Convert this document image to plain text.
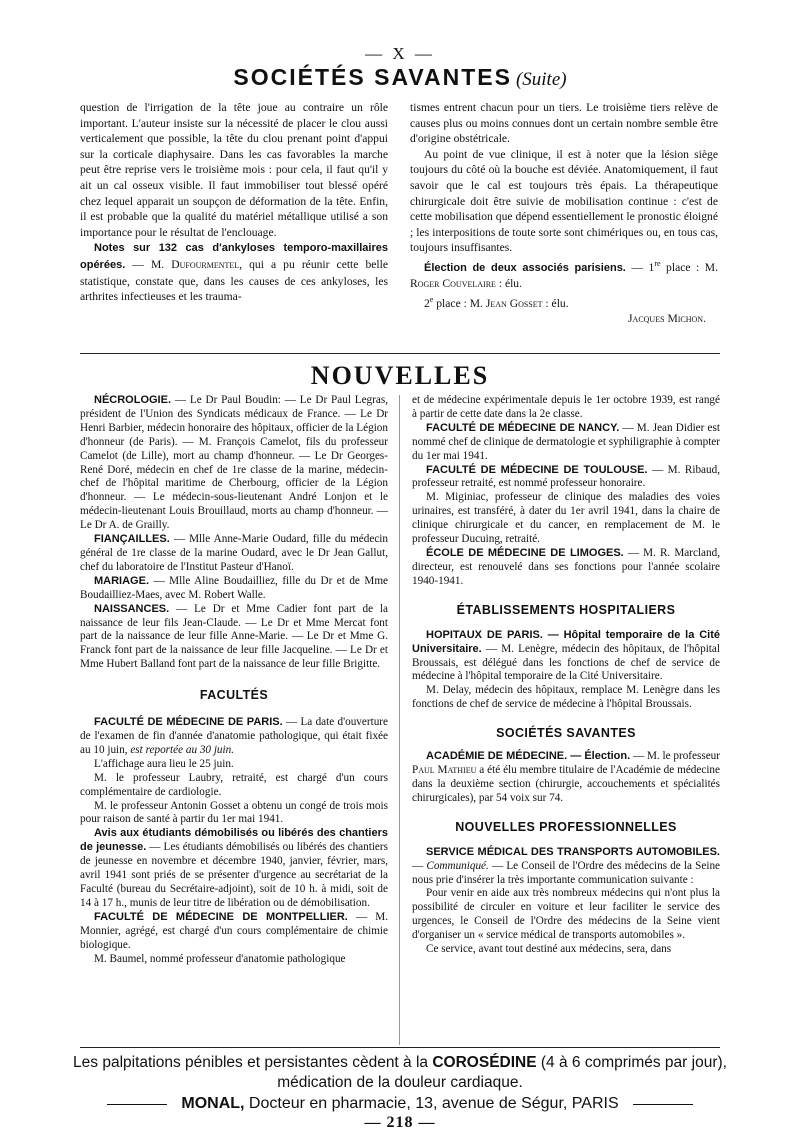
— X —
SOCIÉTÉS SAVANTES (Suite)

question de l'irrigation de la tête joue au contraire un rôle important. L'auteur insiste sur la nécessité de placer le clou aussi verticalement que possible, la tête du clou prenant point d'appui sur la corticale diaphysaire. Dans les cas favorables la marche peut être reprise vers le troisième mois : pour cela, il faut qu'il y ait un cal osseux visible. Il faut immobiliser tout blessé opéré chez lequel apparait un soupçon de déformation de la tête. Enfin, il est probable que la qualité du matériel métallique utilisé a son importance pour le résultat de l'enclouage.

Notes sur 132 cas d'ankyloses temporo-maxillaires opérées. — M. Dufourmentel, qui a pu réunir cette belle statistique, constate que, dans les causes de ces ankyloses, les arthrites infectieuses et les trauma-

tismes entrent chacun pour un tiers. Le troisième tiers relève de causes plus ou moins connues dont un certain nombre semble être d'origine obstétricale.

Au point de vue clinique, il est à noter que la lésion siège toujours du côté où la bouche est déviée. Anatomiquement, il faut savoir que le cal est toujours très épais. La thérapeutique chirurgicale doit être suivie de mobilisation continue : c'est de cette mobilisation que dépend essentiellement le pronostic éloigné ; les interpositions de toute sorte sont chimériques ou, en tous cas, toujours insuffisantes.

Élection de deux associés parisiens. — 1re place : M. Roger Couvelaire : élu.

2e place : M. Jean Gosset : élu.

Jacques Michon.

NOUVELLES

NÉCROLOGIE. — Le Dr Paul Boudin: — Le Dr Paul Legras, président de l'Union des Syndicats médicaux de France. — Le Dr Henri Barbier, médecin honoraire des hôpitaux, officier de la Légion d'honneur (de Paris). — M. François Camelot, fils du professeur Camelot (de Lille), mort au champ d'honneur. — Le Dr Georges-René Doré, médecin en chef de 1re classe de la marine, médecin-chef de l'hôpital maritime de Cherbourg, officier de la Légion d'honneur. — Le médecin-sous-lieutenant André Lonjon et le médecin-lieutenant Louis Brouillaud, morts au champ d'honneur. — Le Dr A. de Grailly.

FIANÇAILLES. — Mlle Anne-Marie Oudard, fille du médecin général de 1re classe de la marine Oudard, avec le Dr Jean Gallut, chef du laboratoire de l'Institut Pasteur d'Hanoï.

MARIAGE. — Mlle Aline Boudailliez, fille du Dr et de Mme Boudailliez-Maes, avec M. Robert Walle.

NAISSANCES. — Le Dr et Mme Cadier font part de la naissance de leur fils Jean-Claude. — Le Dr et Mme Mercat font part de la naissance de leur fille Anne-Marie. — Le Dr et Mme G. Franck font part de la naissance de leur fille Jacqueline. — Le Dr et Mme Hubert Balland font part de la naissance de leur fille Brigitte.

FACULTÉS

FACULTÉ DE MÉDECINE DE PARIS. — La date d'ouverture de l'examen de fin d'année d'anatomie pathologique, qui était fixée au 10 juin, est reportée au 30 juin.

L'affichage aura lieu le 25 juin.

M. le professeur Laubry, retraité, est chargé d'un cours complémentaire de cardiologie.

M. le professeur Antonin Gosset a obtenu un congé de trois mois pour raison de santé à partir du 1er mai 1941.

Avis aux étudiants démobilisés ou libérés des chantiers de jeunesse. — Les étudiants démobilisés ou libérés des chantiers de jeunesse en novembre et décembre 1940, janvier, février, mars, avril 1941 sont priés de se présenter d'urgence au secrétariat de la Faculté (bureau du Secrétaire-adjoint), soit de 10 h. à midi, soit de 14 à 17 h., munis de leur titre de libération ou de démobilisation.

FACULTÉ DE MÉDECINE DE MONTPELLIER. — M. Monnier, agrégé, est chargé d'un cours complémentaire de chimie biologique.

M. Baumel, nommé professeur d'anatomie pathologique

et de médecine expérimentale depuis le 1er octobre 1939, est rangé à partir de cette date dans la 2e classe.

FACULTÉ DE MÉDECINE DE NANCY. — M. Jean Didier est nommé chef de clinique de dermatologie et syphiligraphie à compter du 1er mai 1941.

FACULTÉ DE MÉDECINE DE TOULOUSE. — M. Ribaud, professeur retraité, est nommé professeur honoraire.

M. Miginiac, professeur de clinique des maladies des voies urinaires, est transféré, à dater du 1er avril 1941, dans la chaire de clinique chirurgicale et du cancer, en remplacement de M. le professeur Ducuing, retraité.

ÉCOLE DE MÉDECINE DE LIMOGES. — M. R. Marcland, directeur, est renouvelé dans ses fonctions pour l'année scolaire 1940-1941.

ÉTABLISSEMENTS HOSPITALIERS

HOPITAUX DE PARIS. — Hôpital temporaire de la Cité Universitaire. — M. Lenègre, médecin des hôpitaux, de l'hôpital Broussais, est délégué dans les fonctions de chef de service de médecine à l'hôpital temporaire de la Cité Universitaire.

M. Delay, médecin des hôpitaux, remplace M. Lenègre dans les fonctions de chef de service de médecine à l'hôpital Broussais.

SOCIÉTÉS SAVANTES

ACADÉMIE DE MÉDECINE. — Élection. — M. le professeur Paul Mathieu a été élu membre titulaire de l'Académie de médecine dans la deuxième section (chirurgie, accouchements et spécialités chirurgicales), par 54 voix sur 74.

NOUVELLES PROFESSIONNELLES

SERVICE MÉDICAL DES TRANSPORTS AUTOMOBILES. — Communiqué. — Le Conseil de l'Ordre des médecins de la Seine nous prie d'insérer la très importante communication suivante :

Pour venir en aide aux très nombreux médecins qui n'ont plus la possibilité de circuler en voiture et leur faciliter le service des urgences, le Conseil de l'Ordre des médecins de la Seine vient d'organiser un « service médical de transports automobiles ».

Ce service, avant tout destiné aux médecins, sera, dans

Les palpitations pénibles et persistantes cèdent à la COROSÉDINE (4 à 6 comprimés par jour),
médication de la douleur cardiaque.
MONAL, Docteur en pharmacie, 13, avenue de Ségur, PARIS
— 218 —
